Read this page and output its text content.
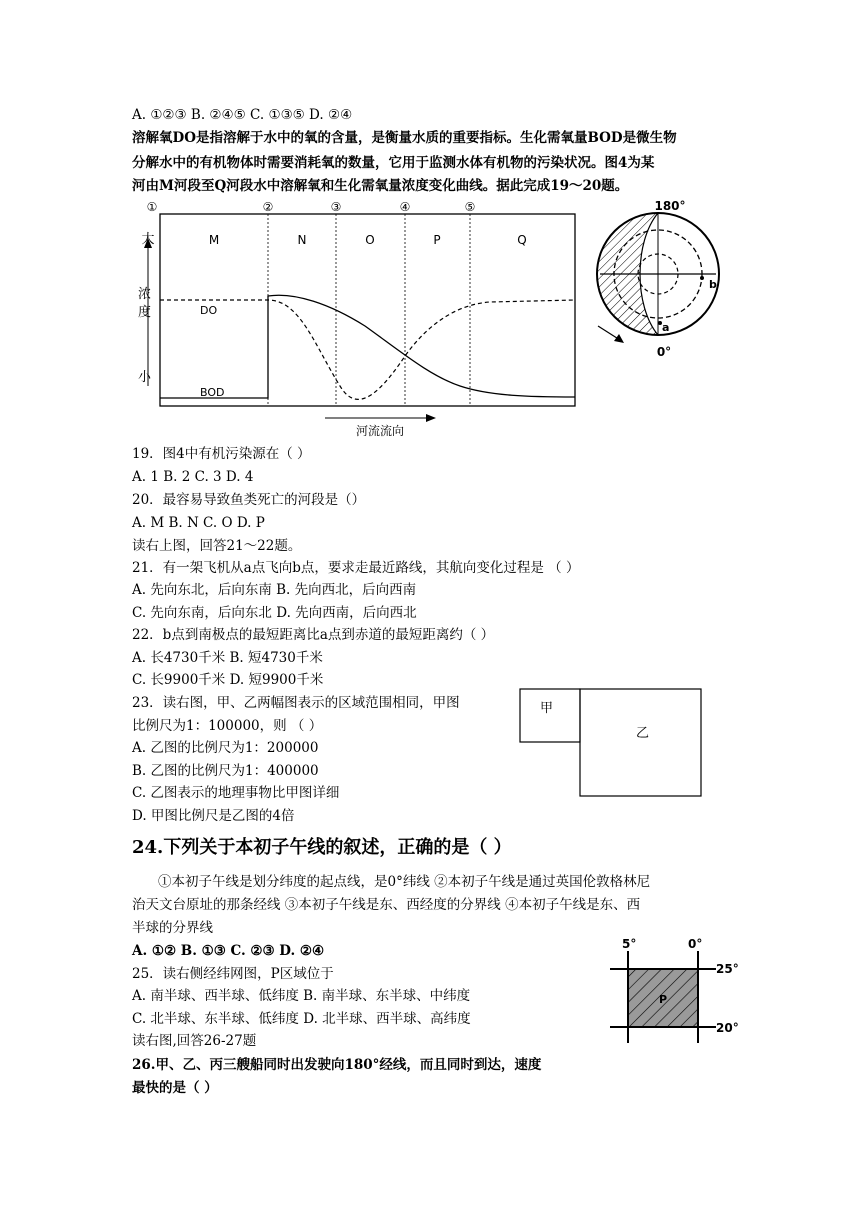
A. ①②③ B. ②④⑤ C. ①③⑤ D. ②④
溶解氧DO是指溶解于水中的氧的含量，是衡量水质的重要指标。生化需氧量BOD是微生物
分解水中的有机物体时需要消耗氧的数量，它用于监测水体有机物的污染状况。图4为某
河由M河段至Q河段水中溶解氧和生化需氧量浓度变化曲线。据此完成19～20题。
①	②	③	④	⑤
M	N	O	P	Q
大
浓
度
小
DO
BOD
河流流向
180°
b
a
0°
19．图4中有机污染源在（ ）
A. 1 B. 2 C. 3 D. 4
20．最容易导致鱼类死亡的河段是（）
A. M B. N C. O D. P
读右上图，回答21～22题。
21．有一架飞机从a点飞向b点，要求走最近路线，其航向变化过程是 （ ）
A. 先向东北，后向东南 B. 先向西北，后向西南
C. 先向东南，后向东北 D. 先向西南，后向西北
22．b点到南极点的最短距离比a点到赤道的最短距离约（ ）
A. 长4730千米 B. 短4730千米
C. 长9900千米 D. 短9900千米
23．读右图，甲、乙两幅图表示的区域范围相同，甲图
比例尺为1：100000，则 （ ）
A. 乙图的比例尺为1：200000
B. 乙图的比例尺为1：400000
C. 乙图表示的地理事物比甲图详细
D. 甲图比例尺是乙图的4倍
甲
乙
24.下列关于本初子午线的叙述，正确的是（ ）
①本初子午线是划分纬度的起点线，是0°纬线 ②本初子午线是通过英国伦敦格林尼
治天文台原址的那条经线 ③本初子午线是东、西经度的分界线 ④本初子午线是东、西
半球的分界线
A. ①② B. ①③ C. ②③ D. ②④
25．读右侧经纬网图，P区域位于
A. 南半球、西半球、低纬度 B. 南半球、东半球、中纬度
C. 北半球、东半球、低纬度 D. 北半球、西半球、高纬度
读右图,回答26-27题
26.甲、乙、丙三艘船同时出发驶向180°经线，而且同时到达，速度
最快的是（ ）
5°	0°
25°
20°
P
